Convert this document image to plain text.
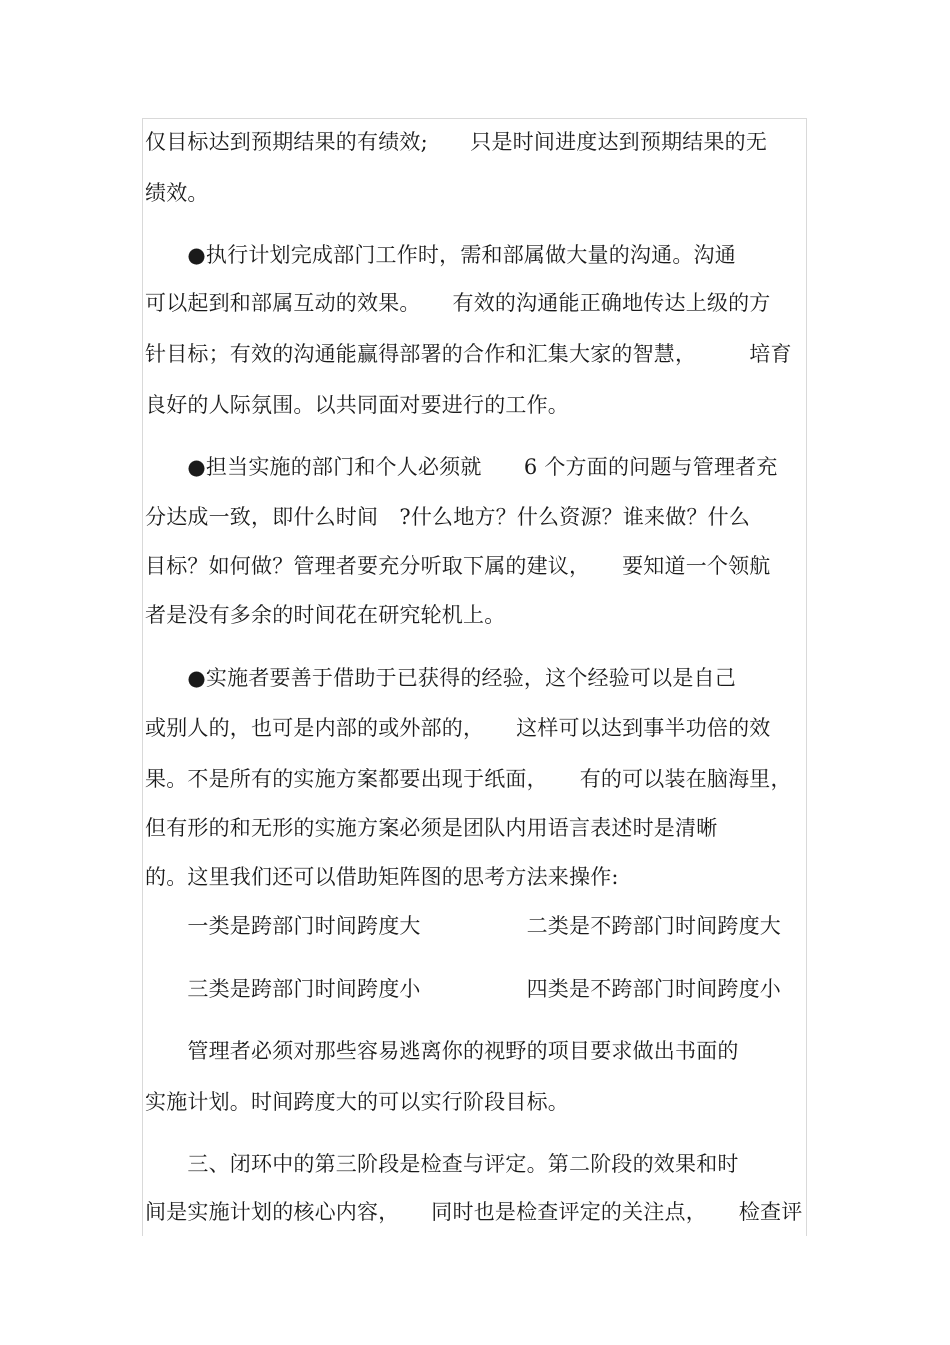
仅目标达到预期结果的有绩效;　　只是时间进度达到预期结果的无
绩效。
　　●执行计划完成部门工作时，需和部属做大量的沟通。沟通
可以起到和部属互动的效果。　　有效的沟通能正确地传达上级的方
针目标；有效的沟通能赢得部署的合作和汇集大家的智慧，　　　培育
良好的人际氛围。以共同面对要进行的工作。
　　●担当实施的部门和个人必须就　　6 个方面的问题与管理者充
分达成一致，即什么时间　?什么地方？什么资源？谁来做？什么
目标？如何做？管理者要充分听取下属的建议，　　要知道一个领航
者是没有多余的时间花在研究轮机上。
　　●实施者要善于借助于已获得的经验，这个经验可以是自己
或别人的，也可是内部的或外部的，　　这样可以达到事半功倍的效
果。不是所有的实施方案都要出现于纸面，　　有的可以装在脑海里，
但有形的和无形的实施方案必须是团队内用语言表述时是清晰
的。这里我们还可以借助矩阵图的思考方法来操作:
　　一类是跨部门时间跨度大　　　　　二类是不跨部门时间跨度大
　　三类是跨部门时间跨度小　　　　　四类是不跨部门时间跨度小
　　管理者必须对那些容易逃离你的视野的项目要求做出书面的
实施计划。时间跨度大的可以实行阶段目标。
　　三、闭环中的第三阶段是检查与评定。第二阶段的效果和时
间是实施计划的核心内容，　　同时也是检查评定的关注点，　　检查评
